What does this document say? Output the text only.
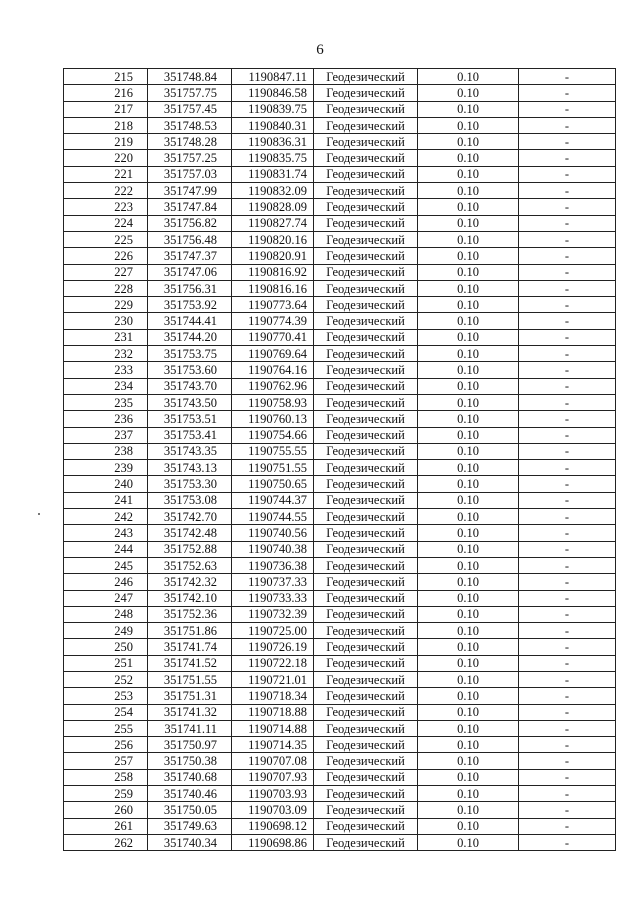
6
215	351748.84	1190847.11	Геодезический	0.10	-
216	351757.75	1190846.58	Геодезический	0.10	-
217	351757.45	1190839.75	Геодезический	0.10	-
218	351748.53	1190840.31	Геодезический	0.10	-
219	351748.28	1190836.31	Геодезический	0.10	-
220	351757.25	1190835.75	Геодезический	0.10	-
221	351757.03	1190831.74	Геодезический	0.10	-
222	351747.99	1190832.09	Геодезический	0.10	-
223	351747.84	1190828.09	Геодезический	0.10	-
224	351756.82	1190827.74	Геодезический	0.10	-
225	351756.48	1190820.16	Геодезический	0.10	-
226	351747.37	1190820.91	Геодезический	0.10	-
227	351747.06	1190816.92	Геодезический	0.10	-
228	351756.31	1190816.16	Геодезический	0.10	-
229	351753.92	1190773.64	Геодезический	0.10	-
230	351744.41	1190774.39	Геодезический	0.10	-
231	351744.20	1190770.41	Геодезический	0.10	-
232	351753.75	1190769.64	Геодезический	0.10	-
233	351753.60	1190764.16	Геодезический	0.10	-
234	351743.70	1190762.96	Геодезический	0.10	-
235	351743.50	1190758.93	Геодезический	0.10	-
236	351753.51	1190760.13	Геодезический	0.10	-
237	351753.41	1190754.66	Геодезический	0.10	-
238	351743.35	1190755.55	Геодезический	0.10	-
239	351743.13	1190751.55	Геодезический	0.10	-
240	351753.30	1190750.65	Геодезический	0.10	-
241	351753.08	1190744.37	Геодезический	0.10	-
242	351742.70	1190744.55	Геодезический	0.10	-
243	351742.48	1190740.56	Геодезический	0.10	-
244	351752.88	1190740.38	Геодезический	0.10	-
245	351752.63	1190736.38	Геодезический	0.10	-
246	351742.32	1190737.33	Геодезический	0.10	-
247	351742.10	1190733.33	Геодезический	0.10	-
248	351752.36	1190732.39	Геодезический	0.10	-
249	351751.86	1190725.00	Геодезический	0.10	-
250	351741.74	1190726.19	Геодезический	0.10	-
251	351741.52	1190722.18	Геодезический	0.10	-
252	351751.55	1190721.01	Геодезический	0.10	-
253	351751.31	1190718.34	Геодезический	0.10	-
254	351741.32	1190718.88	Геодезический	0.10	-
255	351741.11	1190714.88	Геодезический	0.10	-
256	351750.97	1190714.35	Геодезический	0.10	-
257	351750.38	1190707.08	Геодезический	0.10	-
258	351740.68	1190707.93	Геодезический	0.10	-
259	351740.46	1190703.93	Геодезический	0.10	-
260	351750.05	1190703.09	Геодезический	0.10	-
261	351749.63	1190698.12	Геодезический	0.10	-
262	351740.34	1190698.86	Геодезический	0.10	-
